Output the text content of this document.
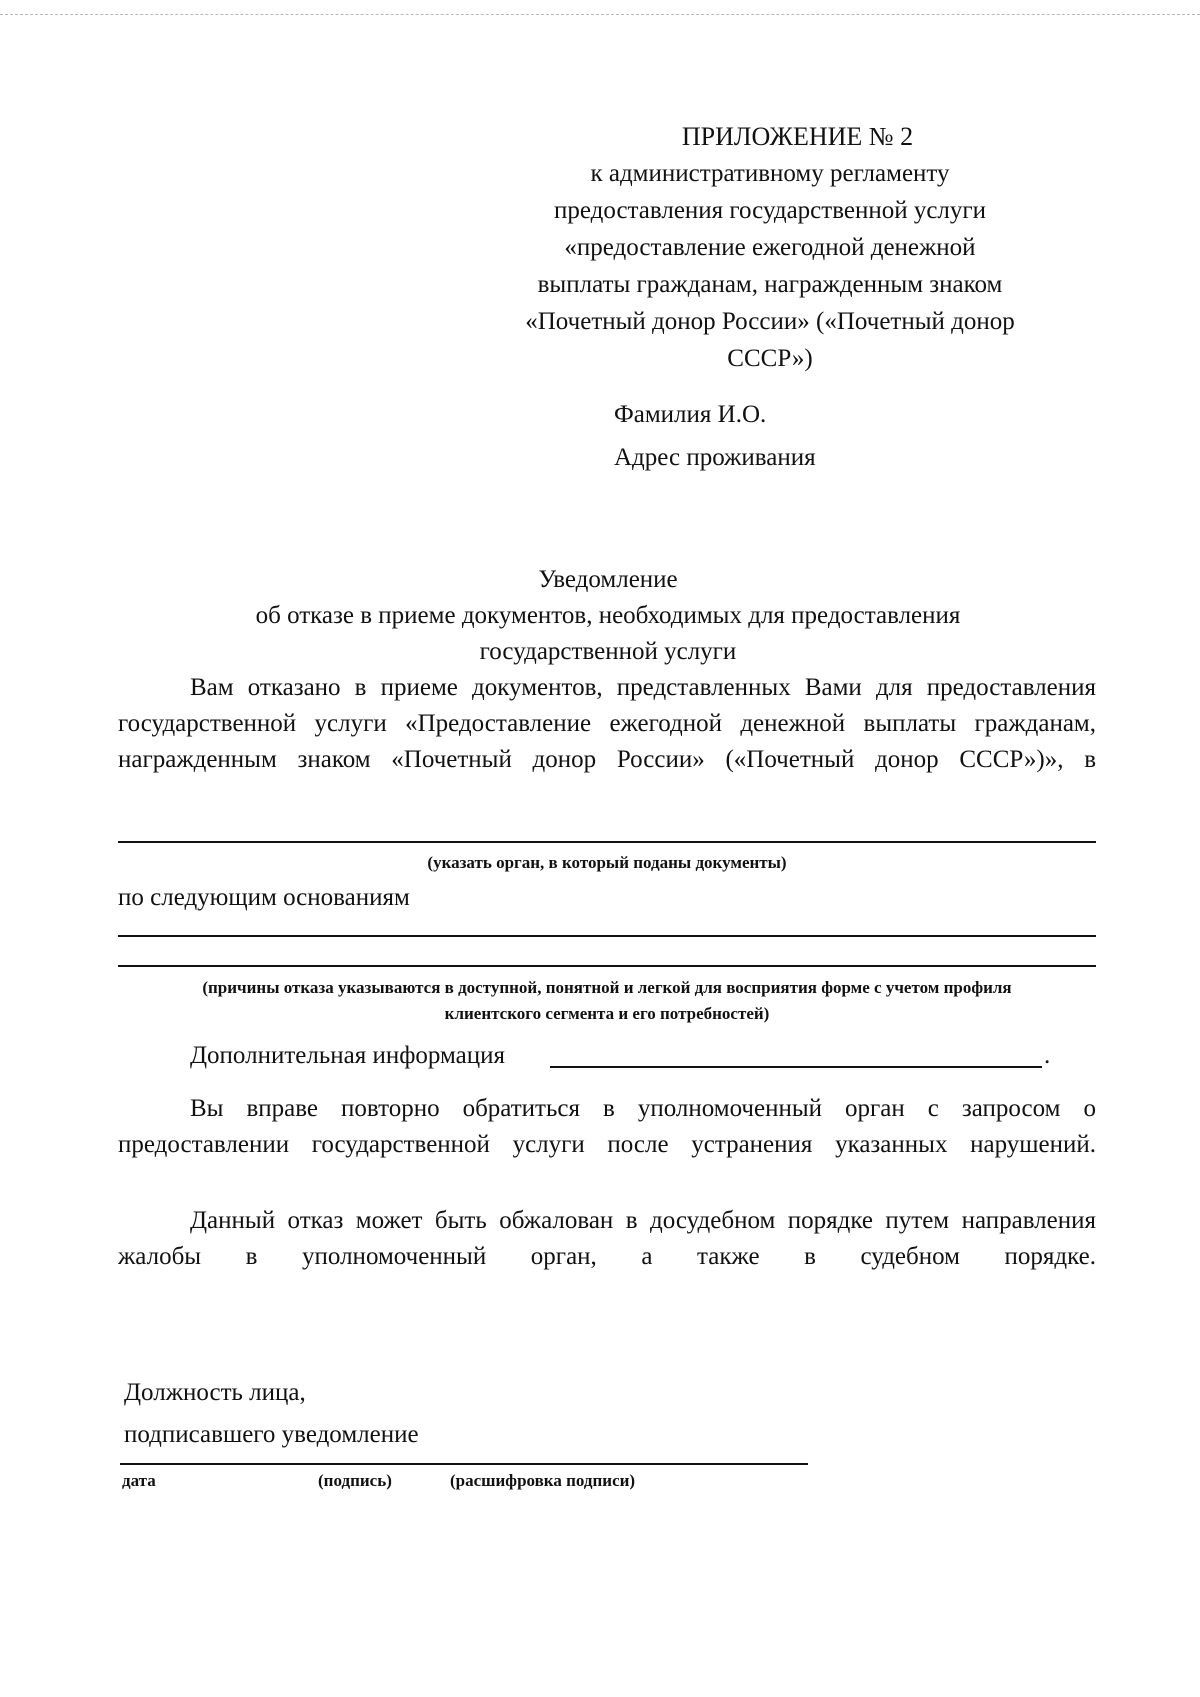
ПРИЛОЖЕНИЕ № 2
к административному регламенту
предоставления государственной услуги
«предоставление ежегодной денежной
выплаты гражданам, награжденным знаком
«Почетный донор России» («Почетный донор
СССР»)
Фамилия И.О.
Адрес проживания
Уведомление
об отказе в приеме документов, необходимых для предоставления
государственной услуги
Вам отказано в приеме документов, представленных Вами для предоставления государственной услуги «Предоставление ежегодной денежной выплаты гражданам, награжденным знаком «Почетный донор России» («Почетный донор СССР»)», в
(указать орган, в который поданы документы)
по следующим основаниям
(причины отказа указываются в доступной, понятной и легкой для восприятия форме с учетом профиля
клиентского сегмента и его потребностей)
Дополнительная информация	.
Вы вправе повторно обратиться в уполномоченный орган с запросом о предоставлении государственной услуги после устранения указанных нарушений.
Данный отказ может быть обжалован в досудебном порядке путем направления жалобы в уполномоченный орган, а также в судебном порядке.
Должность лица,
подписавшего уведомление
дата	(подпись)	(расшифровка подписи)
